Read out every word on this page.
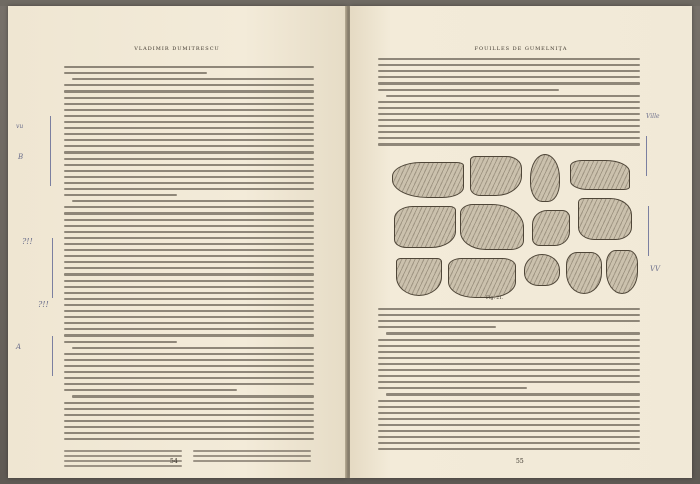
VLADIMIR DUMITRESCU
54
vu
B
?!!
?!!
A
FOUILLES DE GUMELNIŢA
Fig. 21.
55
Ville
VV
